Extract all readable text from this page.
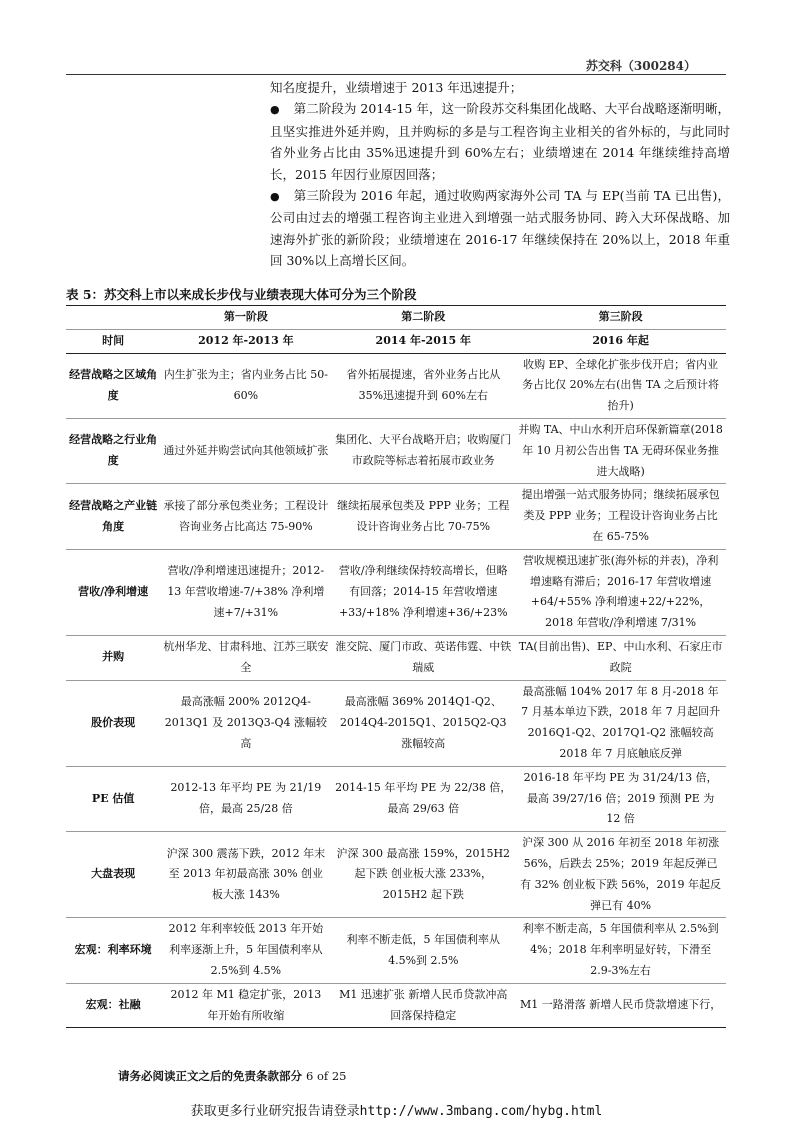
苏交科（300284）

知名度提升，业绩增速于 2013 年迅速提升；

● 第二阶段为 2014-15 年，这一阶段苏交科集团化战略、大平台战略逐渐明晰，且坚实推进外延并购，且并购标的多是与工程咨询主业相关的省外标的，与此同时省外业务占比由 35%迅速提升到 60%左右；业绩增速在 2014 年继续维持高增长，2015 年因行业原因回落；

● 第三阶段为 2016 年起，通过收购两家海外公司 TA 与 EP(当前 TA 已出售)，公司由过去的增强工程咨询主业进入到增强一站式服务协同、跨入大环保战略、加速海外扩张的新阶段；业绩增速在 2016-17 年继续保持在 20%以上，2018 年重回 30%以上高增长区间。

表 5：苏交科上市以来成长步伐与业绩表现大体可分为三个阶段
	第一阶段	第二阶段	第三阶段
时间	2012 年-2013 年	2014 年-2015 年	2016 年起
经营战略之区域角度	内生扩张为主；省内业务占比 50-60%	省外拓展提速，省外业务占比从 35%迅速提升到 60%左右	收购 EP、全球化扩张步伐开启；省内业务占比仅 20%左右(出售 TA 之后预计将抬升)
经营战略之行业角度	通过外延并购尝试向其他领域扩张	集团化、大平台战略开启；收购厦门市政院等标志着拓展市政业务	并购 TA、中山水利开启环保新篇章(2018 年 10 月初公告出售 TA 无碍环保业务推进大战略)
经营战略之产业链角度	承接了部分承包类业务；工程设计咨询业务占比高达 75-90%	继续拓展承包类及 PPP 业务；工程设计咨询业务占比 70-75%	提出增强一站式服务协同；继续拓展承包类及 PPP 业务；工程设计咨询业务占比在 65-75%
营收/净利增速	营收/净利增速迅速提升；2012-13 年营收增速-7/+38% 净利增速+7/+31%	营收/净利继续保持较高增长，但略有回落；2014-15 年营收增速+33/+18% 净利增速+36/+23%	营收规模迅速扩张(海外标的并表)，净利增速略有滞后；2016-17 年营收增速+64/+55% 净利增速+22/+22%，2018 年营收/净利增速 7/31%
并购	杭州华龙、甘肃科地、江苏三联安全	淮交院、厦门市政、英诺伟霆、中铁瑞威	TA(目前出售)、EP、中山水利、石家庄市政院
股价表现	最高涨幅 200% 2012Q4-2013Q1 及 2013Q3-Q4 涨幅较高	最高涨幅 369% 2014Q1-Q2、2014Q4-2015Q1、2015Q2-Q3 涨幅较高	最高涨幅 104% 2017 年 8 月-2018 年 7 月基本单边下跌，2018 年 7 月起回升 2016Q1-Q2、2017Q1-Q2 涨幅较高 2018 年 7 月底触底反弹
PE 估值	2012-13 年平均 PE 为 21/19 倍，最高 25/28 倍	2014-15 年平均 PE 为 22/38 倍，最高 29/63 倍	2016-18 年平均 PE 为 31/24/13 倍，最高 39/27/16 倍；2019 预测 PE 为 12 倍
大盘表现	沪深 300 震荡下跌，2012 年末至 2013 年初最高涨 30% 创业板大涨 143%	沪深 300 最高涨 159%，2015H2 起下跌 创业板大涨 233%，2015H2 起下跌	沪深 300 从 2016 年初至 2018 年初涨 56%，后跌去 25%；2019 年起反弹已有 32% 创业板下跌 56%，2019 年起反弹已有 40%
宏观：利率环境	2012 年利率较低 2013 年开始利率逐渐上升，5 年国债利率从 2.5%到 4.5%	利率不断走低，5 年国债利率从 4.5%到 2.5%	利率不断走高，5 年国债利率从 2.5%到 4%；2018 年利率明显好转，下滑至 2.9-3%左右
宏观：社融	2012 年 M1 稳定扩张，2013 年开始有所收缩	M1 迅速扩张 新增人民币贷款冲高回落保持稳定	M1 一路滑落 新增人民币贷款增速下行，
请务必阅读正文之后的免责条款部分 6 of 25
获取更多行业研究报告请登录http://www.3mbang.com/hybg.html
